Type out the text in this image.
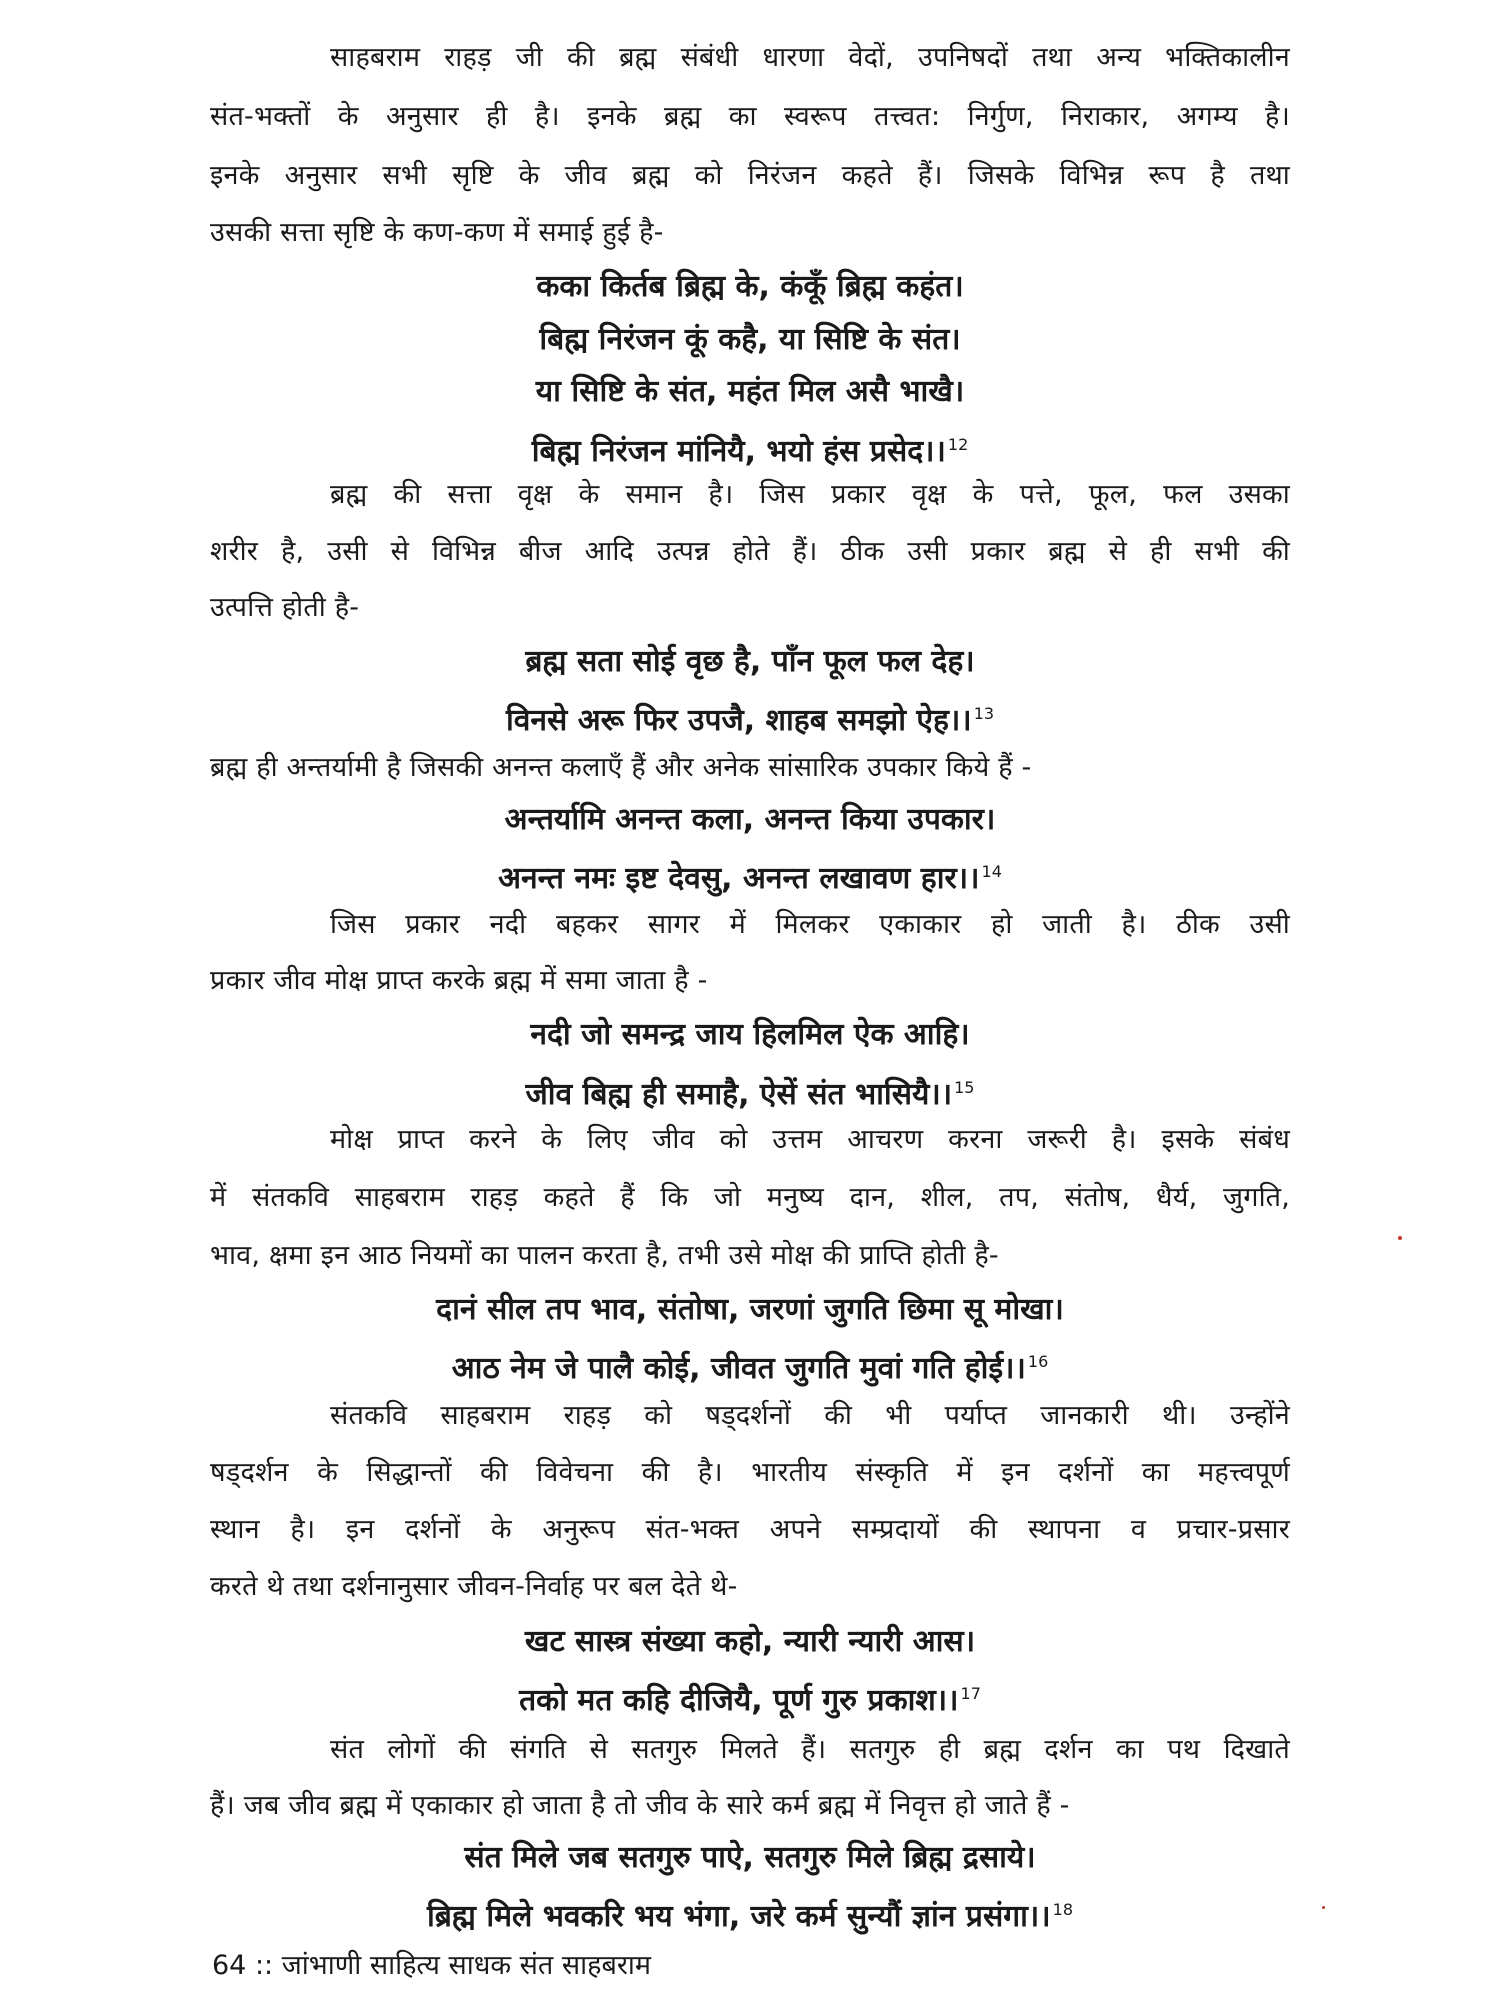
साहबराम राहड़ जी की ब्रह्म संबंधी धारणा वेदों, उपनिषदों तथा अन्य भक्तिकालीन
संत-भक्तों के अनुसार ही है। इनके ब्रह्म का स्वरूप तत्त्वत: निर्गुण, निराकार, अगम्य है।
इनके अनुसार सभी सृष्टि के जीव ब्रह्म को निरंजन कहते हैं। जिसके विभिन्न रूप है तथा
उसकी सत्ता सृष्टि के कण-कण में समाई हुई है-
कका किर्तब ब्रिह्म के, कंकूँ ब्रिह्म कहंत।
बिह्म निरंजन कूं कहै, या सिष्टि के संत।
या सिष्टि के संत, महंत मिल असै भाखै।
बिह्म निरंजन मांनियै, भयो हंस प्रसेद।। $^{12}$
ब्रह्म की सत्ता वृक्ष के समान है। जिस प्रकार वृक्ष के पत्ते, फूल, फल उसका
शरीर है, उसी से विभिन्न बीज आदि उत्पन्न होते हैं। ठीक उसी प्रकार ब्रह्म से ही सभी की
उत्पत्ति होती है-
ब्रह्म सता सोई वृछ है, पाँन फूल फल देह।
विनसे अरू फिर उपजै, शाहब समझो ऐह।। $^{13}$
ब्रह्म ही अन्तर्यामी है जिसकी अनन्त कलाएँ हैं और अनेक सांसारिक उपकार किये हैं -
अन्तर्यामि अनन्त कला, अनन्त किया उपकार।
अनन्त नमः इष्ट देवसु, अनन्त लखावण हार।। $^{14}$
जिस प्रकार नदी बहकर सागर में मिलकर एकाकार हो जाती है। ठीक उसी
प्रकार जीव मोक्ष प्राप्त करके ब्रह्म में समा जाता है -
नदी जो समन्द्र जाय हिलमिल ऐक आहि।
जीव बिह्म ही समाहै, ऐसें संत भासियै।। $^{15}$
मोक्ष प्राप्त करने के लिए जीव को उत्तम आचरण करना जरूरी है। इसके संबंध
में संतकवि साहबराम राहड़ कहते हैं कि जो मनुष्य दान, शील, तप, संतोष, धैर्य, जुगति,
भाव, क्षमा इन आठ नियमों का पालन करता है, तभी उसे मोक्ष की प्राप्ति होती है-
दानं सील तप भाव, संतोषा, जरणां जुगति छिमा सू मोखा।
आठ नेम जे पालै कोई, जीवत जुगति मुवां गति होई।। $^{16}$
संतकवि साहबराम राहड़ को षड्दर्शनों की भी पर्याप्त जानकारी थी। उन्होंने
षड्दर्शन के सिद्धान्तों की विवेचना की है। भारतीय संस्कृति में इन दर्शनों का महत्त्वपूर्ण
स्थान है। इन दर्शनों के अनुरूप संत-भक्त अपने सम्प्रदायों की स्थापना व प्रचार-प्रसार
करते थे तथा दर्शनानुसार जीवन-निर्वाह पर बल देते थे-
खट सास्त्र संख्या कहो, न्यारी न्यारी आस।
तको मत कहि दीजियै, पूर्ण गुरु प्रकाश।। $^{17}$
संत लोगों की संगति से सतगुरु मिलते हैं। सतगुरु ही ब्रह्म दर्शन का पथ दिखाते
हैं। जब जीव ब्रह्म में एकाकार हो जाता है तो जीव के सारे कर्म ब्रह्म में निवृत्त हो जाते हैं -
संत मिले जब सतगुरु पाऐ, सतगुरु मिले ब्रिह्म द्रसाये।
ब्रिह्म मिले भवकरि भय भंगा, जरे कर्म सुन्यौं ज्ञांन प्रसंगा।। $^{18}$
64 :: जांभाणी साहित्य साधक संत साहबराम
